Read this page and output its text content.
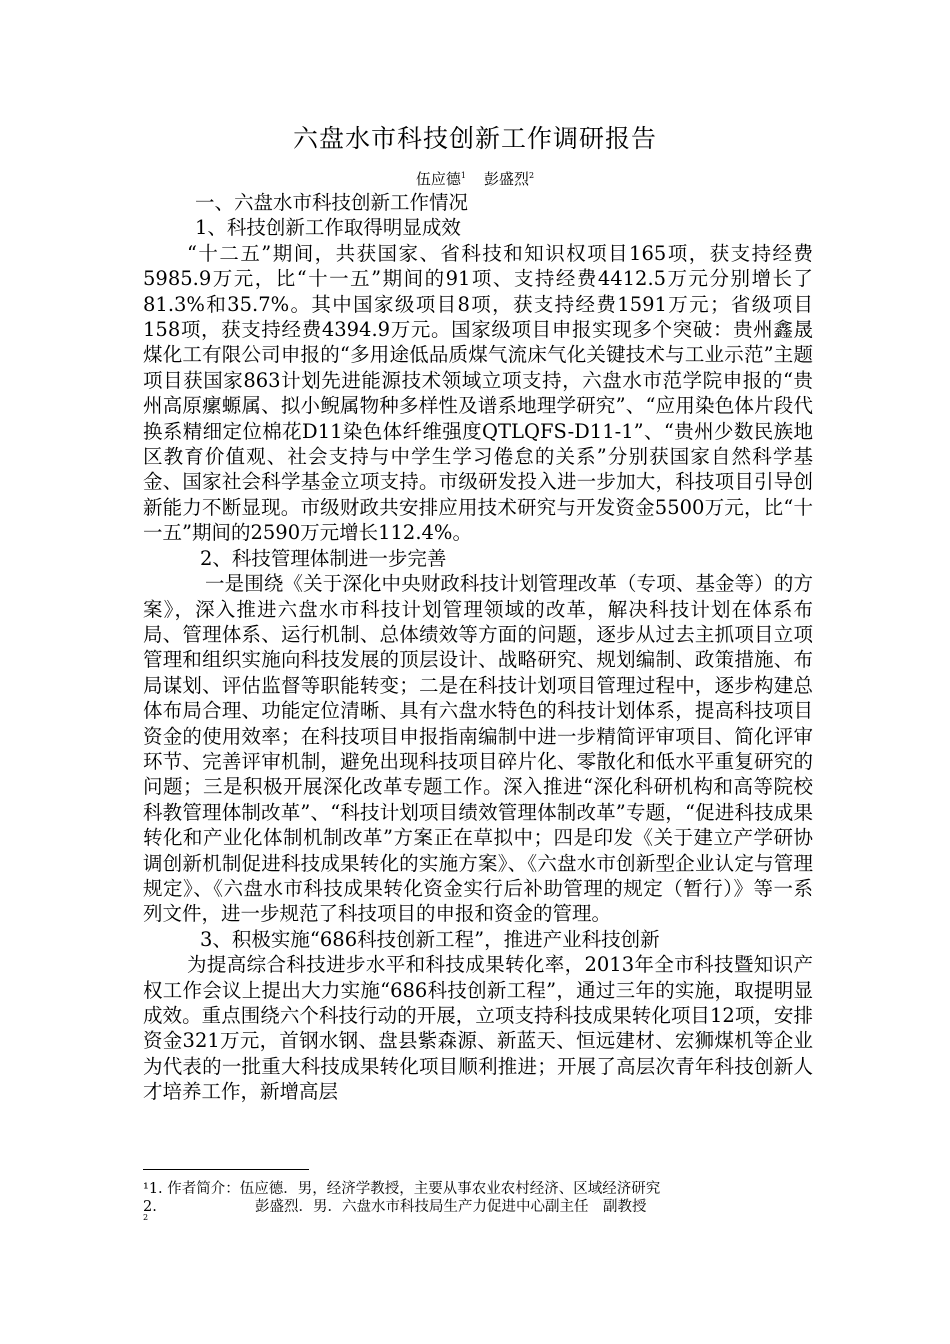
六盘水市科技创新工作调研报告
伍应德$^1$ 彭盛烈$^2$

一、六盘水市科技创新工作情况

1、科技创新工作取得明显成效

“十二五”期间，共获国家、省科技和知识权项目165项，获支持经费5985.9万元，比“十一五”期间的91项、支持经费4412.5万元分别增长了81.3%和35.7%。其中国家级项目8项，获支持经费1591万元；省级项目158项，获支持经费4394.9万元。国家级项目申报实现多个突破：贵州鑫晟煤化工有限公司申报的“多用途低品质煤气流床气化关键技术与工业示范”主题项目获国家863计划先进能源技术领域立项支持，六盘水市范学院申报的“贵州高原瘰螈属、拟小鲵属物种多样性及谱系地理学研究”、“应用染色体片段代换系精细定位棉花D11染色体纤维强度QTLQFS-D11-1”、“贵州少数民族地区教育价值观、社会支持与中学生学习倦怠的关系”分别获国家自然科学基金、国家社会科学基金立项支持。市级研发投入进一步加大，科技项目引导创新能力不断显现。市级财政共安排应用技术研究与开发资金5500万元，比“十一五”期间的2590万元增长112.4%。

2、科技管理体制进一步完善

一是围绕《关于深化中央财政科技计划管理改革（专项、基金等）的方案》，深入推进六盘水市科技计划管理领域的改革，解决科技计划在体系布局、管理体系、运行机制、总体绩效等方面的问题，逐步从过去主抓项目立项管理和组织实施向科技发展的顶层设计、战略研究、规划编制、政策措施、布局谋划、评估监督等职能转变；二是在科技计划项目管理过程中，逐步构建总体布局合理、功能定位清晰、具有六盘水特色的科技计划体系，提高科技项目资金的使用效率；在科技项目申报指南编制中进一步精简评审项目、简化评审环节、完善评审机制，避免出现科技项目碎片化、零散化和低水平重复研究的问题；三是积极开展深化改革专题工作。深入推进“深化科研机构和高等院校科教管理体制改革”、“科技计划项目绩效管理体制改革”专题，“促进科技成果转化和产业化体制机制改革”方案正在草拟中；四是印发《关于建立产学研协调创新机制促进科技成果转化的实施方案》、《六盘水市创新型企业认定与管理规定》、《六盘水市科技成果转化资金实行后补助管理的规定（暂行）》等一系列文件，进一步规范了科技项目的申报和资金的管理。

3、积极实施“686科技创新工程”，推进产业科技创新

为提高综合科技进步水平和科技成果转化率，2013年全市科技暨知识产权工作会议上提出大力实施“686科技创新工程”，通过三年的实施，取提明显成效。重点围绕六个科技行动的开展，立项支持科技成果转化项目12项，安排资金321万元，首钢水钢、盘县紫森源、新蓝天、恒远建材、宏狮煤机等企业为代表的一批重大科技成果转化项目顺利推进；开展了高层次青年科技创新人才培养工作，新增高层

¹1. 作者简介：伍应德．男，经济学教授，主要从事农业农村经济、区域经济研究
2.	彭盛烈．男．六盘水市科技局生产力促进中心副主任　副教授
2
